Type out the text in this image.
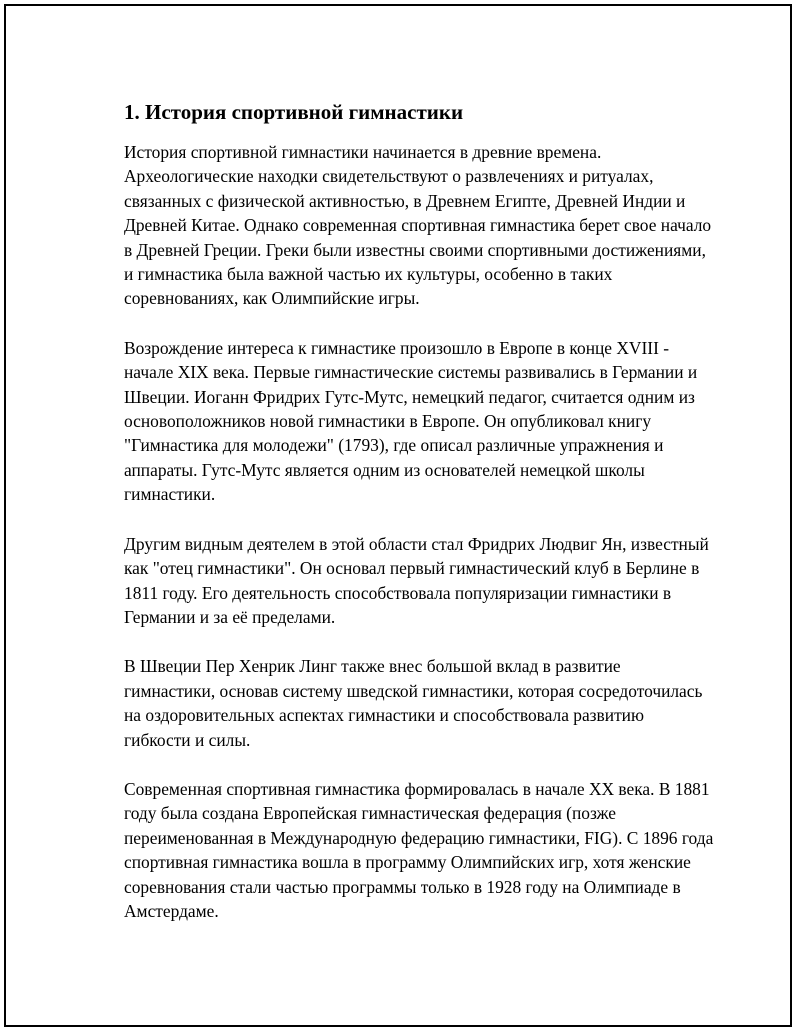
1. История спортивной гимнастики

История спортивной гимнастики начинается в древние времена. Археологические находки свидетельствуют о развлечениях и ритуалах, связанных с физической активностью, в Древнем Египте, Древней Индии и Древней Китае. Однако современная спортивная гимнастика берет свое начало в Древней Греции. Греки были известны своими спортивными достижениями, и гимнастика была важной частью их культуры, особенно в таких соревнованиях, как Олимпийские игры.

Возрождение интереса к гимнастике произошло в Европе в конце XVIII - начале XIX века. Первые гимнастические системы развивались в Германии и Швеции. Иоганн Фридрих Гутс-Мутс, немецкий педагог, считается одним из основоположников новой гимнастики в Европе. Он опубликовал книгу "Гимнастика для молодежи" (1793), где описал различные упражнения и аппараты. Гутс-Мутс является одним из основателей немецкой школы гимнастики.

Другим видным деятелем в этой области стал Фридрих Людвиг Ян, известный как "отец гимнастики". Он основал первый гимнастический клуб в Берлине в 1811 году. Его деятельность способствовала популяризации гимнастики в Германии и за её пределами.

В Швеции Пер Хенрик Линг также внес большой вклад в развитие гимнастики, основав систему шведской гимнастики, которая сосредоточилась на оздоровительных аспектах гимнастики и способствовала развитию гибкости и силы.

Современная спортивная гимнастика формировалась в начале XX века. В 1881 году была создана Европейская гимнастическая федерация (позже переименованная в Международную федерацию гимнастики, FIG). С 1896 года спортивная гимнастика вошла в программу Олимпийских игр, хотя женские соревнования стали частью программы только в 1928 году на Олимпиаде в Амстердаме.
